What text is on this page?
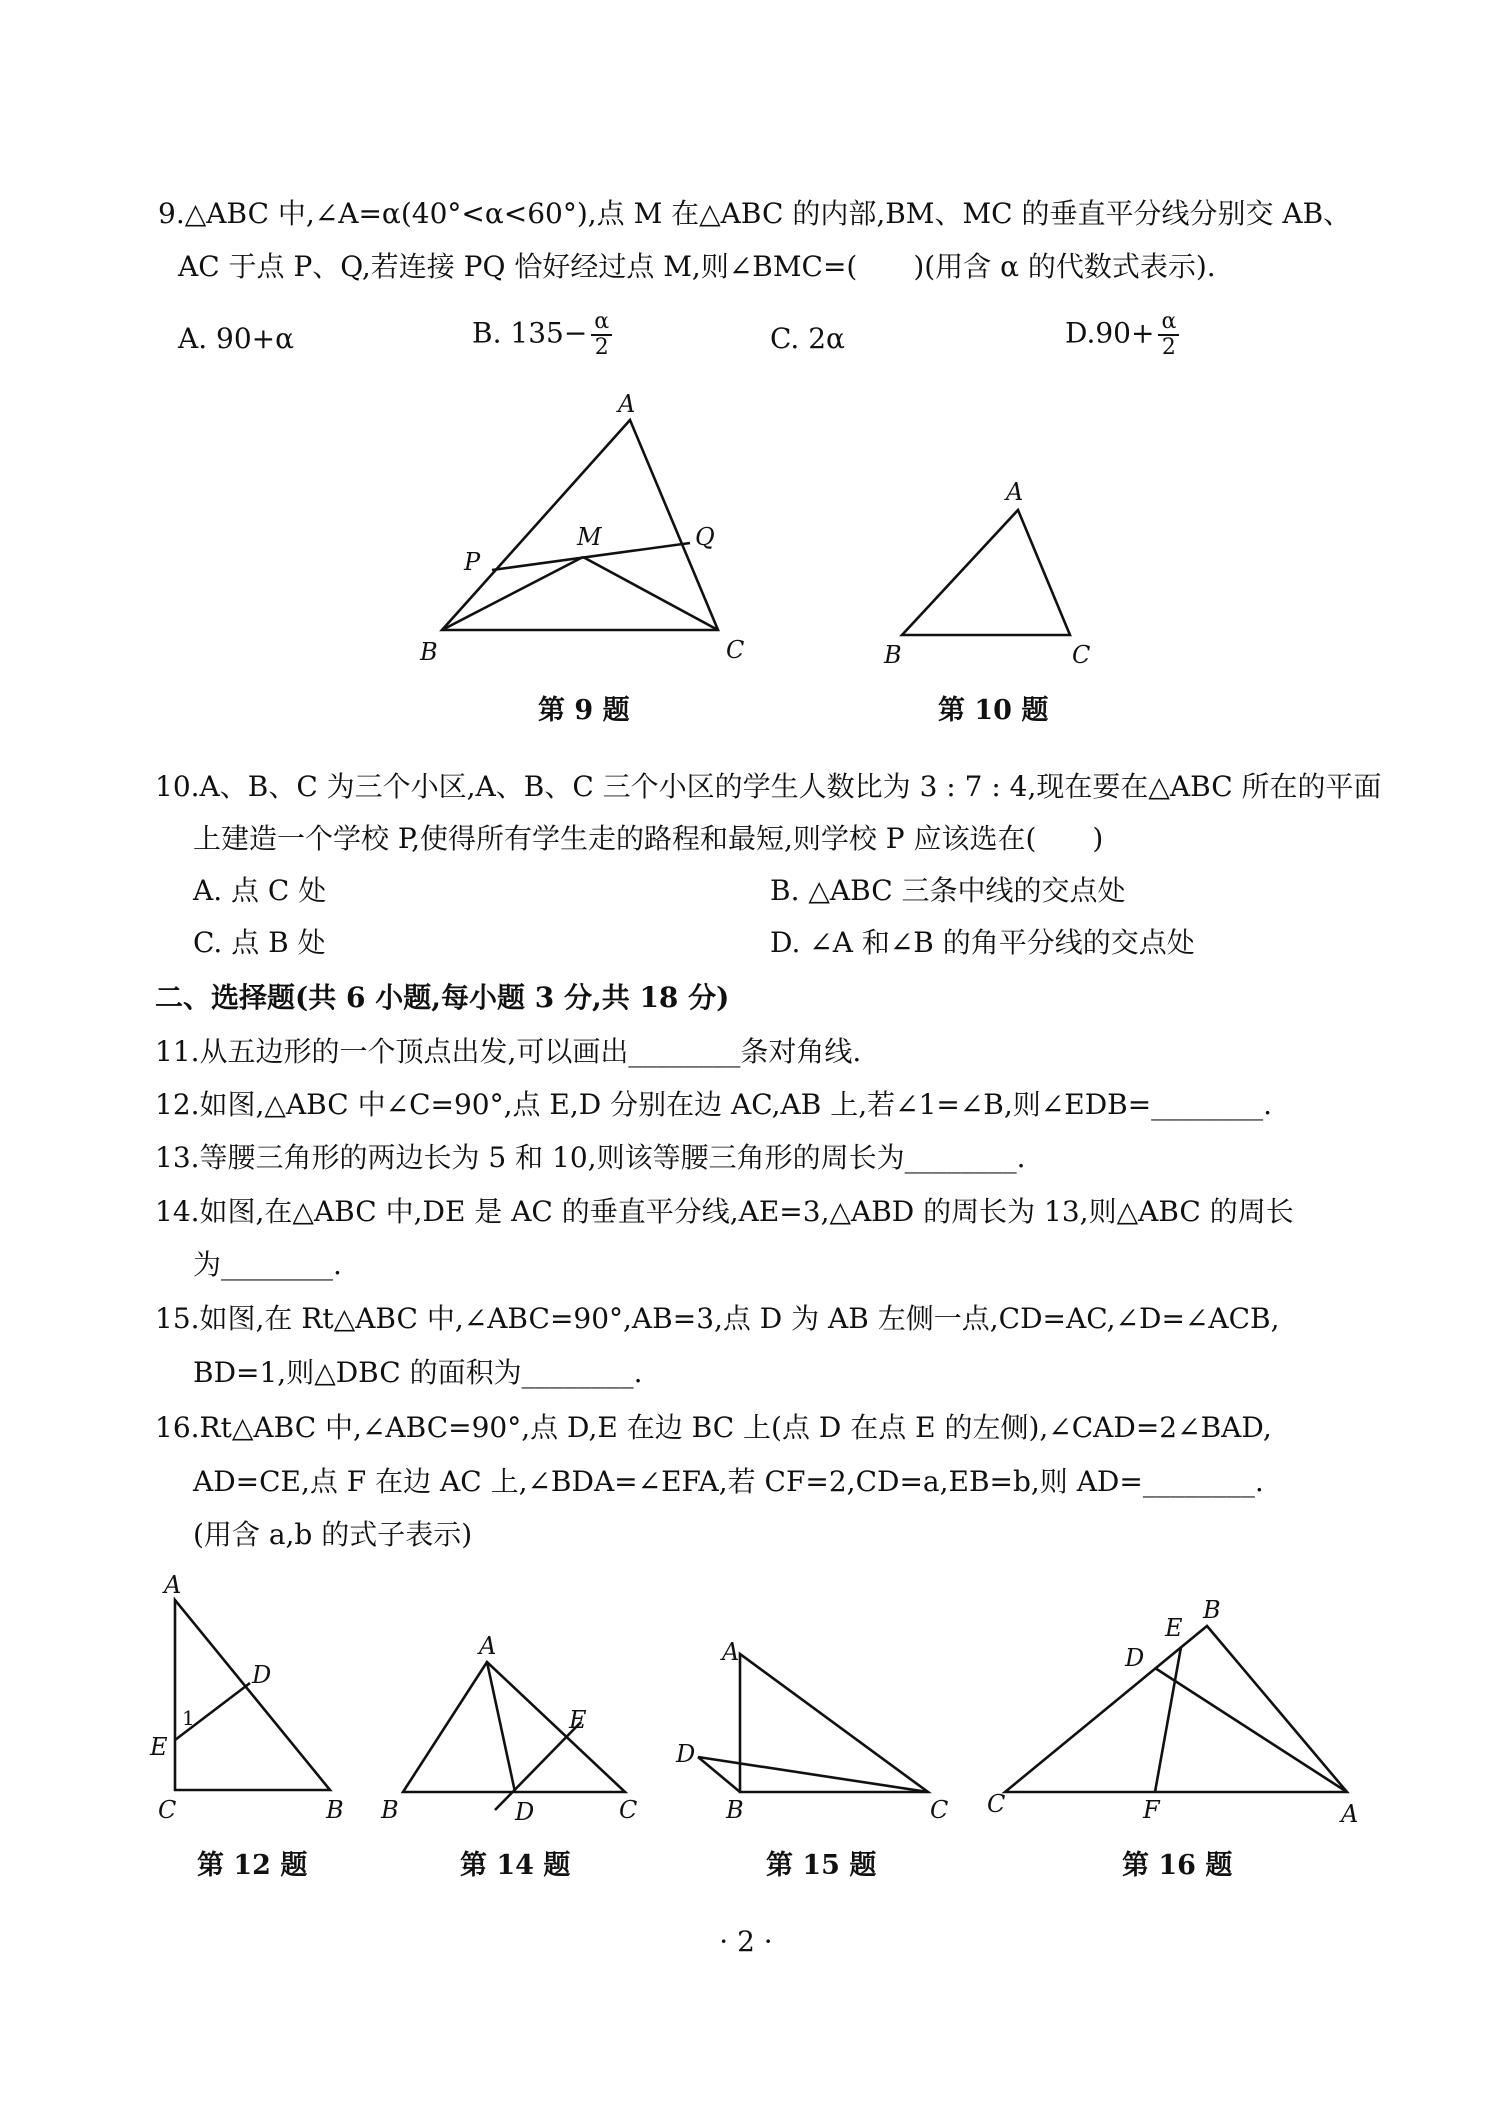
9.△ABC 中,∠A=α(40°<α<60°),点 M 在△ABC 的内部,BM、MC 的垂直平分线分别交 AB、
AC 于点 P、Q,若连接 PQ 恰好经过点 M,则∠BMC=(　　)(用含 α 的代数式表示).
A. 90+α	B. $135- \frac{\alpha}{2}$	C. 2α	$D.90+ \frac{\alpha}{2}$
A
B	C
M
P
Q
第 9 题
A
B	C
第 10 题
10.A、B、C 为三个小区,A、B、C 三个小区的学生人数比为 3 : 7 : 4,现在要在△ABC 所在的平面
上建造一个学校 P,使得所有学生走的路程和最短,则学校 P 应该选在(　　)
A. 点 C 处	B. △ABC 三条中线的交点处
C. 点 B 处	D. ∠A 和∠B 的角平分线的交点处
二、选择题(共 6 小题,每小题 3 分,共 18 分)
11.从五边形的一个顶点出发,可以画出________条对角线.
12.如图,△ABC 中∠C=90°,点 E,D 分别在边 AC,AB 上,若∠1=∠B,则∠EDB=________.
13.等腰三角形的两边长为 5 和 10,则该等腰三角形的周长为________.
14.如图,在△ABC 中,DE 是 AC 的垂直平分线,AE=3,△ABD 的周长为 13,则△ABC 的周长
为________.
15.如图,在 Rt△ABC 中,∠ABC=90°,AB=3,点 D 为 AB 左侧一点,CD=AC,∠D=∠ACB,
BD=1,则△DBC 的面积为________.
16.Rt△ABC 中,∠ABC=90°,点 D,E 在边 BC 上(点 D 在点 E 的左侧),∠CAD=2∠BAD,
AD=CE,点 F 在边 AC 上,∠BDA=∠EFA,若 CF=2,CD=a,EB=b,则 AD=________.
(用含 a,b 的式子表示)
A
B
C
D
E
1
第 12 题
A
B	C
D
E
第 14 题
A
B	C
D
第 15 题
A
B
C
D
E
F
第 16 题
· 2 ·
